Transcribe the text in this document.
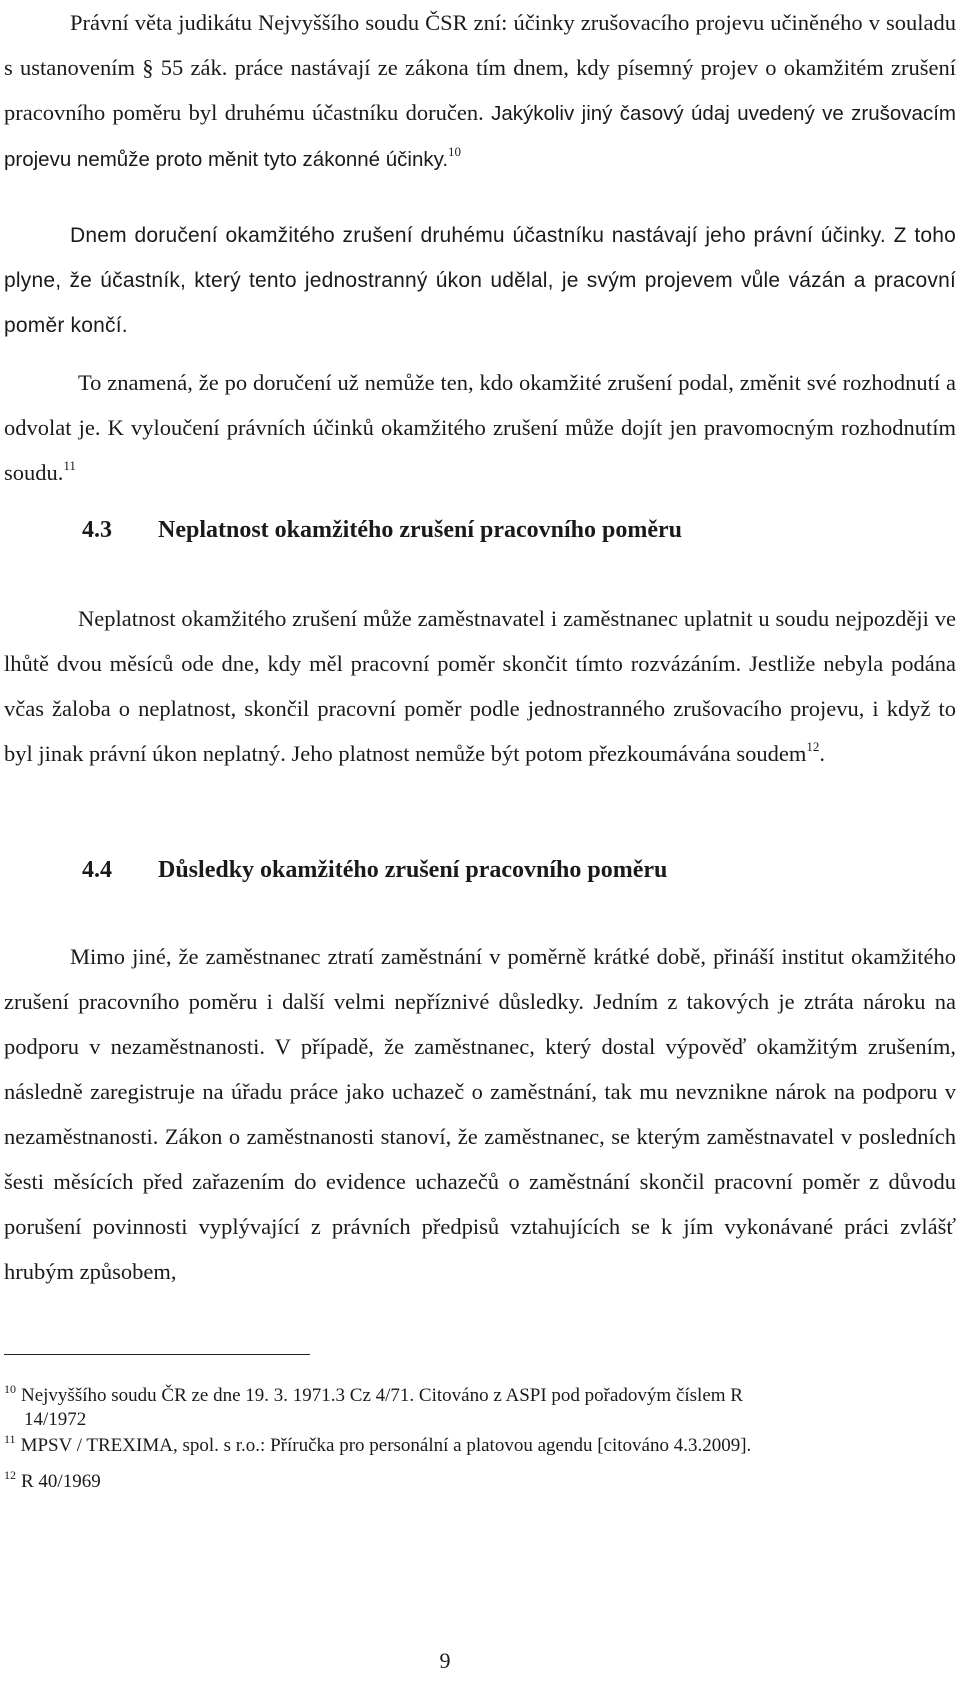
Právní věta judikátu Nejvyššího soudu ČSR zní: účinky zrušovacího projevu učiněného v souladu s ustanovením § 55 zák. práce nastávají ze zákona tím dnem, kdy písemný projev o okamžitém zrušení pracovního poměru byl druhému účastníku doručen. Jakýkoliv jiný časový údaj uvedený ve zrušovacím projevu nemůže proto měnit tyto zákonné účinky.$^{10}$

Dnem doručení okamžitého zrušení druhému účastníku nastávají jeho právní účinky. Z toho plyne, že účastník, který tento jednostranný úkon udělal, je svým projevem vůle vázán a pracovní poměr končí.

To znamená, že po doručení už nemůže ten, kdo okamžité zrušení podal, změnit své rozhodnutí a odvolat je. K vyloučení právních účinků okamžitého zrušení může dojít jen pravomocným rozhodnutím soudu.$^{11}$

4.3 Neplatnost okamžitého zrušení pracovního poměru

Neplatnost okamžitého zrušení může zaměstnavatel i zaměstnanec uplatnit u soudu nejpozději ve lhůtě dvou měsíců ode dne, kdy měl pracovní poměr skončit tímto rozvázáním. Jestliže nebyla podána včas žaloba o neplatnost, skončil pracovní poměr podle jednostranného zrušovacího projevu, i když to byl jinak právní úkon neplatný. Jeho platnost nemůže být potom přezkoumávána soudem$^{12}$.

4.4 Důsledky okamžitého zrušení pracovního poměru

Mimo jiné, že zaměstnanec ztratí zaměstnání v poměrně krátké době, přináší institut okamžitého zrušení pracovního poměru i další velmi nepříznivé důsledky. Jedním z takových je ztráta nároku na podporu v nezaměstnanosti. V případě, že zaměstnanec, který dostal výpověď okamžitým zrušením, následně zaregistruje na úřadu práce jako uchazeč o zaměstnání, tak mu nevznikne nárok na podporu v nezaměstnanosti. Zákon o zaměstnanosti stanoví, že zaměstnanec, se kterým zaměstnavatel v posledních šesti měsících před zařazením do evidence uchazečů o zaměstnání skončil pracovní poměr z důvodu porušení povinnosti vyplývající z právních předpisů vztahujících se k jím vykonávané práci zvlášť hrubým způsobem,

$^{10}$ Nejvyššího soudu ČR ze dne 19. 3. 1971.3 Cz 4/71. Citováno z ASPI pod pořadovým číslem R
14/1972

$^{11}$ MPSV / TREXIMA, spol. s r.o.: Příručka pro personální a platovou agendu [citováno 4.3.2009].

$^{12}$ R 40/1969

9
